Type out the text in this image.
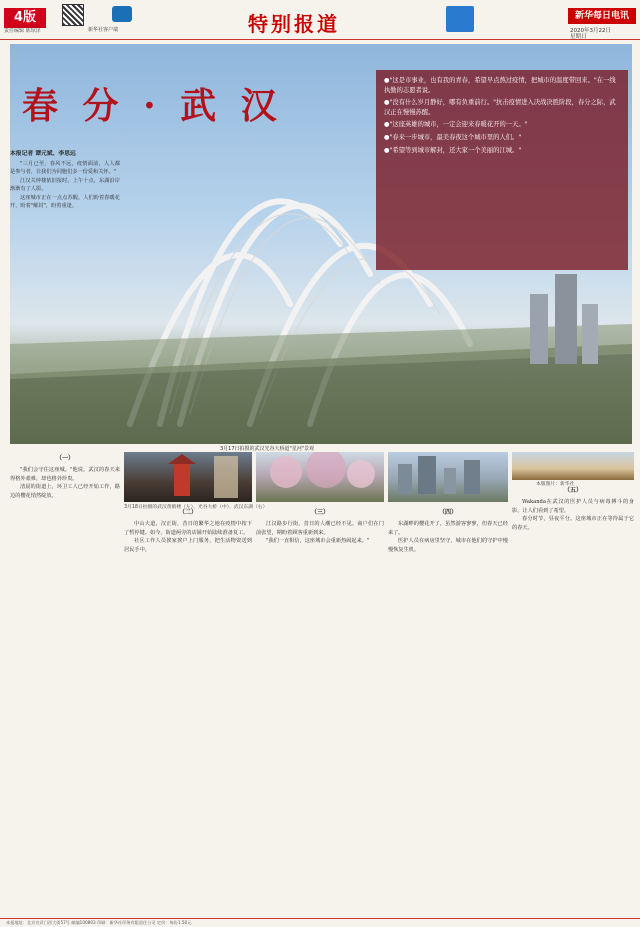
4版
责任编辑 陈琼泽	新华社客户端	特别报道	新华每日电讯
2020年3月22日
星期日
春 分 · 武 汉

●"这是市事业，也有我的青春，希望早点熬过疫情，把城市的温度带回来。"在一线执勤的志愿者说。

●"没有什么岁月静好，哪有负重前行。"抗击疫情进入决战决胜阶段，春分之际，武汉正在慢慢苏醒。

●"这座英雄的城市，一定会迎来春暖花开的一天。"

●"春来一步城市，最美春夜这个城市里的人们。"

●"希望等到城市解封，还大家一个美丽的江城。"

3月17日拍摄的武汉光谷大桥道"星河"景观
本报记者 谭元斌、李思远

"三月已至，春风不远，疫情面前，人人都是参与者，让我们为同胞们多一份爱和关怀。"

江汉关钟楼依旧报时。上午十点，东湖沿岸渐渐有了人影。

这座城市正在一点点苏醒。人们盼着春暖花开，盼着"解封"，盼着重逢。

（一）

"我们会守住这座城。"他说。武汉的春天来得格外艰难，却也格外珍贵。

清晨的街道上，环卫工人已经开始工作，路边的樱花悄然绽放。

3月18日拍摄的武汉黄鹤楼（左）、光谷大桥（中）、武汉东湖（右）
本版图片：新华社
（二）

中山大道，汉正街，昔日的繁华之地在疫情中按下了暂停键。如今，街道两旁的店铺开始陆续准备复工。

社区工作人员挨家挨户上门服务，把生活物资送到居民手中。

（三）

江汉路步行街，昔日的人潮已经不见。商户们在门前张望，期盼着顾客重新到来。

"我们一直相信，这座城市会重新热闹起来。"

（四）

东湖畔的樱花开了，虽然游客寥寥，但春天已经来了。

医护人员在病房里坚守，城市在他们的守护中慢慢恢复生机。

（五）

Wakanda在武汉的医护人员与病毒搏斗的身影，让人们看到了希望。

春分时节，昼夜平分。这座城市正在等待属于它的春天。

本报地址：北京宣武门西大街57号 邮编100803 印刷：新华社印务有限责任公司 定价：每份1.50元
